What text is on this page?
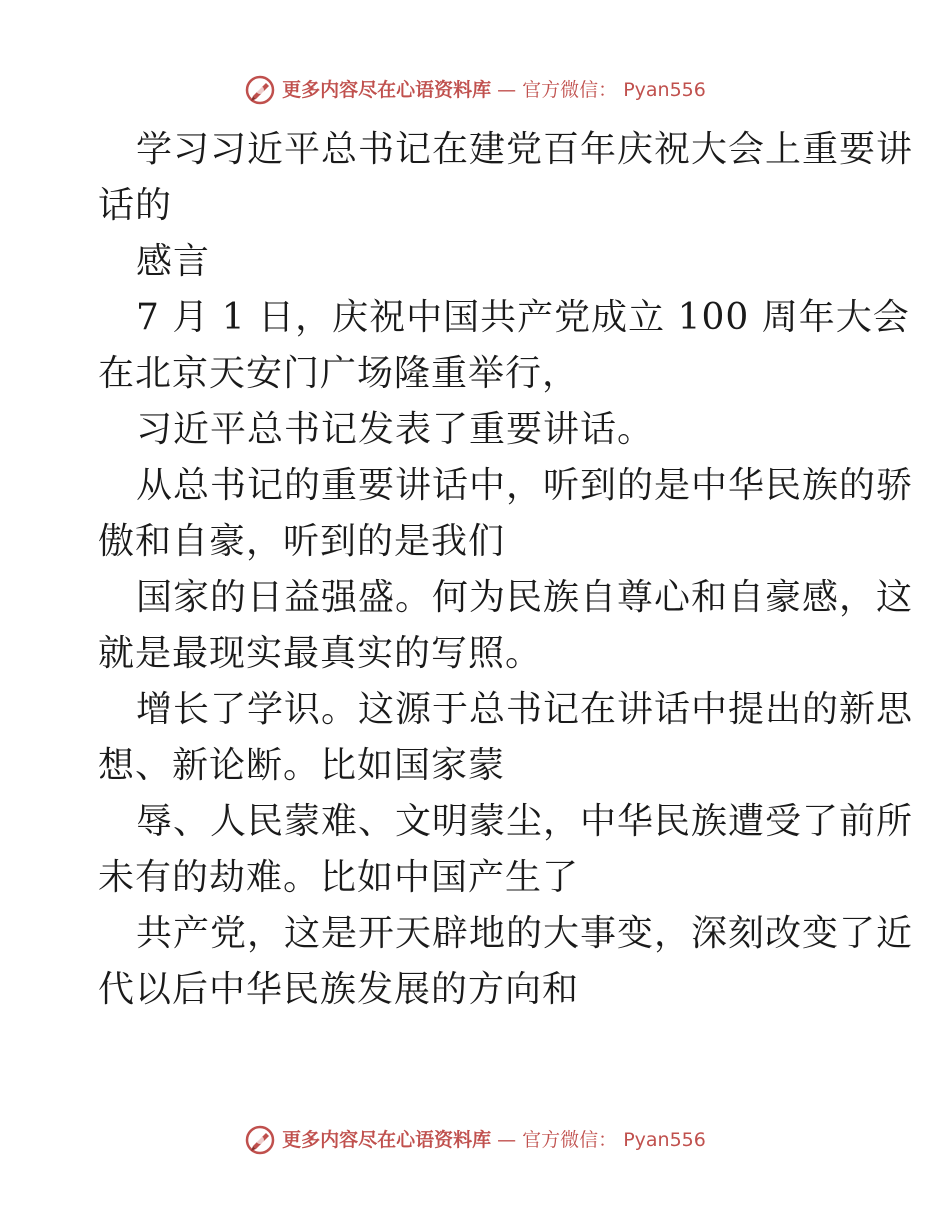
更多内容尽在心语资料库 — 官方微信： Pyan556
学习习近平总书记在建党百年庆祝大会上重要讲
话的
感言
7 月 1 日，庆祝中国共产党成立 100 周年大会
在北京天安门广场隆重举行，
习近平总书记发表了重要讲话。
从总书记的重要讲话中，听到的是中华民族的骄
傲和自豪，听到的是我们
国家的日益强盛。何为民族自尊心和自豪感，这
就是最现实最真实的写照。
增长了学识。这源于总书记在讲话中提出的新思
想、新论断。比如国家蒙
辱、人民蒙难、文明蒙尘，中华民族遭受了前所
未有的劫难。比如中国产生了
共产党，这是开天辟地的大事变，深刻改变了近
代以后中华民族发展的方向和
更多内容尽在心语资料库 — 官方微信： Pyan556
